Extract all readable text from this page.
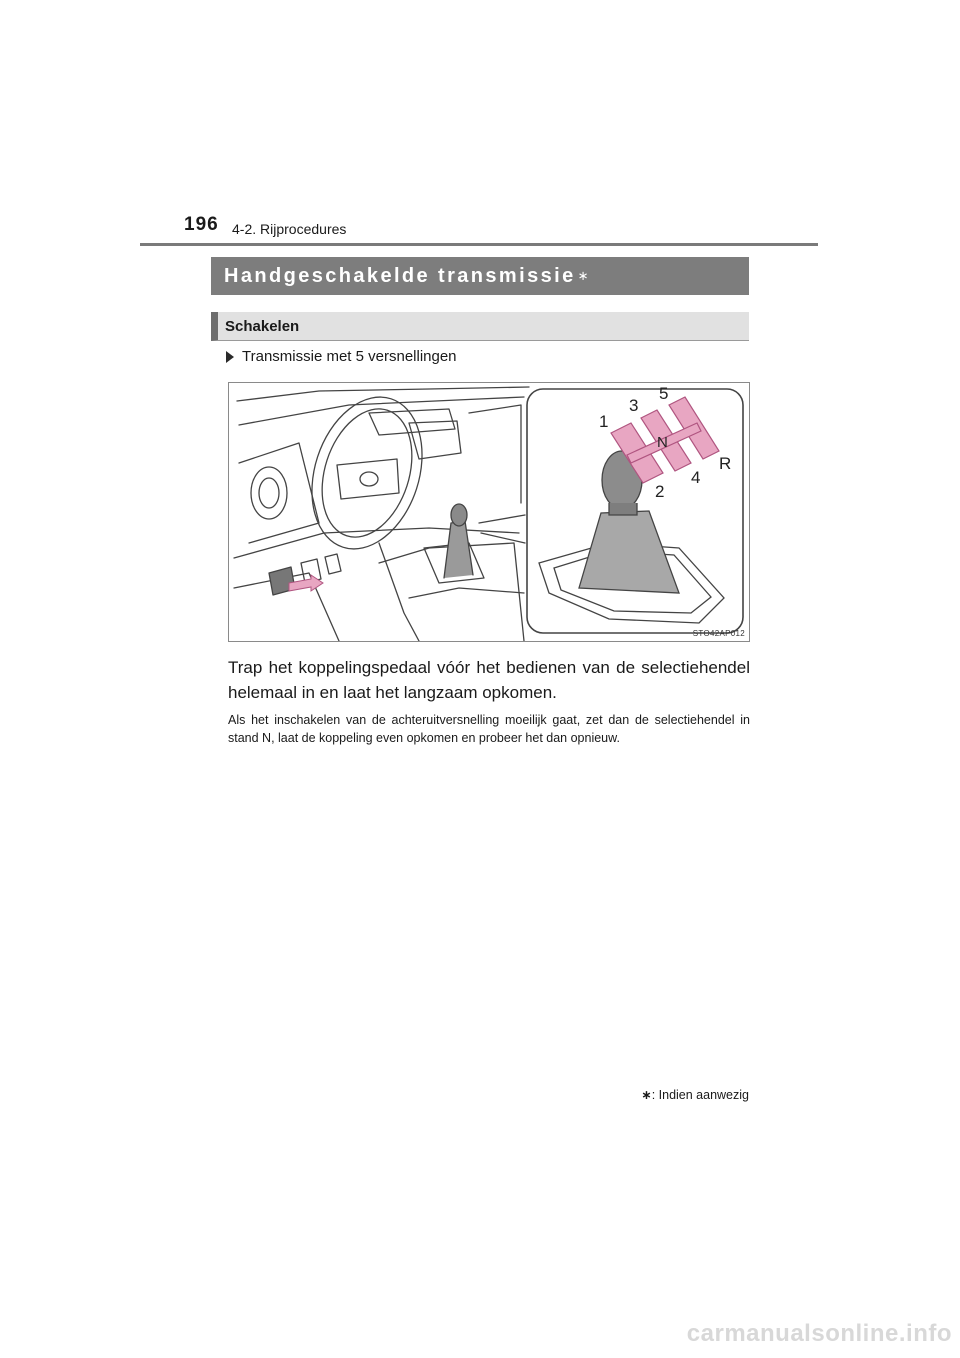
196 4-2. Rijprocedures
Handgeschakelde transmissie ∗
Schakelen
Transmissie met 5 versnellingen
1
3
5
N
2
4
R
STO42AP012
Trap het koppelingspedaal vóór het bedienen van de selectiehendel helemaal in en laat het langzaam opkomen.
Als het inschakelen van de achteruitversnelling moeilijk gaat, zet dan de selectiehendel in stand N, laat de koppeling even opkomen en probeer het dan opnieuw.
∗: Indien aanwezig
carmanualsonline.info
